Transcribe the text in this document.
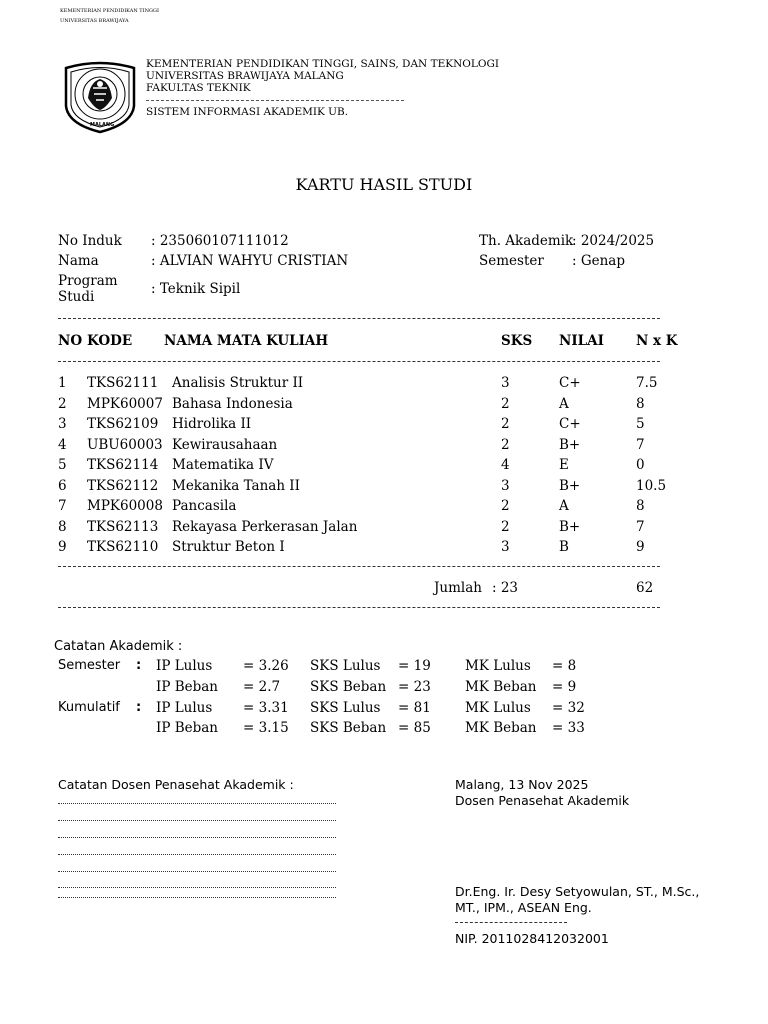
UNIVERSITAS BRAWIJAYA
KEMENTERIAN PENDIDIKAN TINGGI
MALANG
KEMENTERIAN PENDIDIKAN TINGGI, SAINS, DAN TEKNOLOGI
UNIVERSITAS BRAWIJAYA MALANG
FAKULTAS TEKNIK
SISTEM INFORMASI AKADEMIK UB.
KARTU HASIL STUDI
No Induk : 235060107111012
Nama	: ALVIAN WAHYU CRISTIAN
Program
Studi	: Teknik Sipil
Th. Akademik
: 2024/2025
Semester : Genap
NO KODE NAMA MATA KULIAH	SKS NILAI N x K
1 TKS62111 Analisis Struktur II	3	C+	7.5
2 MPK60007 Bahasa Indonesia	2	A	8
3 TKS62109 Hidrolika II	2	C+	5
4 UBU60003 Kewirausahaan	2	B+	7
5 TKS62114 Matematika IV	4	E	0
6 TKS62112 Mekanika Tanah II	3	B+	10.5
7 MPK60008 Pancasila	2	A	8
8 TKS62113 Rekayasa Perkerasan Jalan	2	B+	7
9 TKS62110 Struktur Beton I	3	B	9
Jumlah : 23	62
Catatan Akademik :
Semester :
Kumulatif :
IP Lulus = 3.26 SKS Lulus = 19	MK Lulus = 8
IP Beban = 2.7 SKS Beban = 23	MK Beban = 9
IP Lulus = 3.31 SKS Lulus = 81	MK Lulus = 32
IP Beban = 3.15 SKS Beban = 85	MK Beban = 33
Catatan Dosen Penasehat Akademik :	Malang, 13 Nov 2025
Dosen Penasehat Akademik
Dr.Eng. Ir. Desy Setyowulan, ST., M.Sc.,
MT., IPM., ASEAN Eng.
NIP. 2011028412032001
